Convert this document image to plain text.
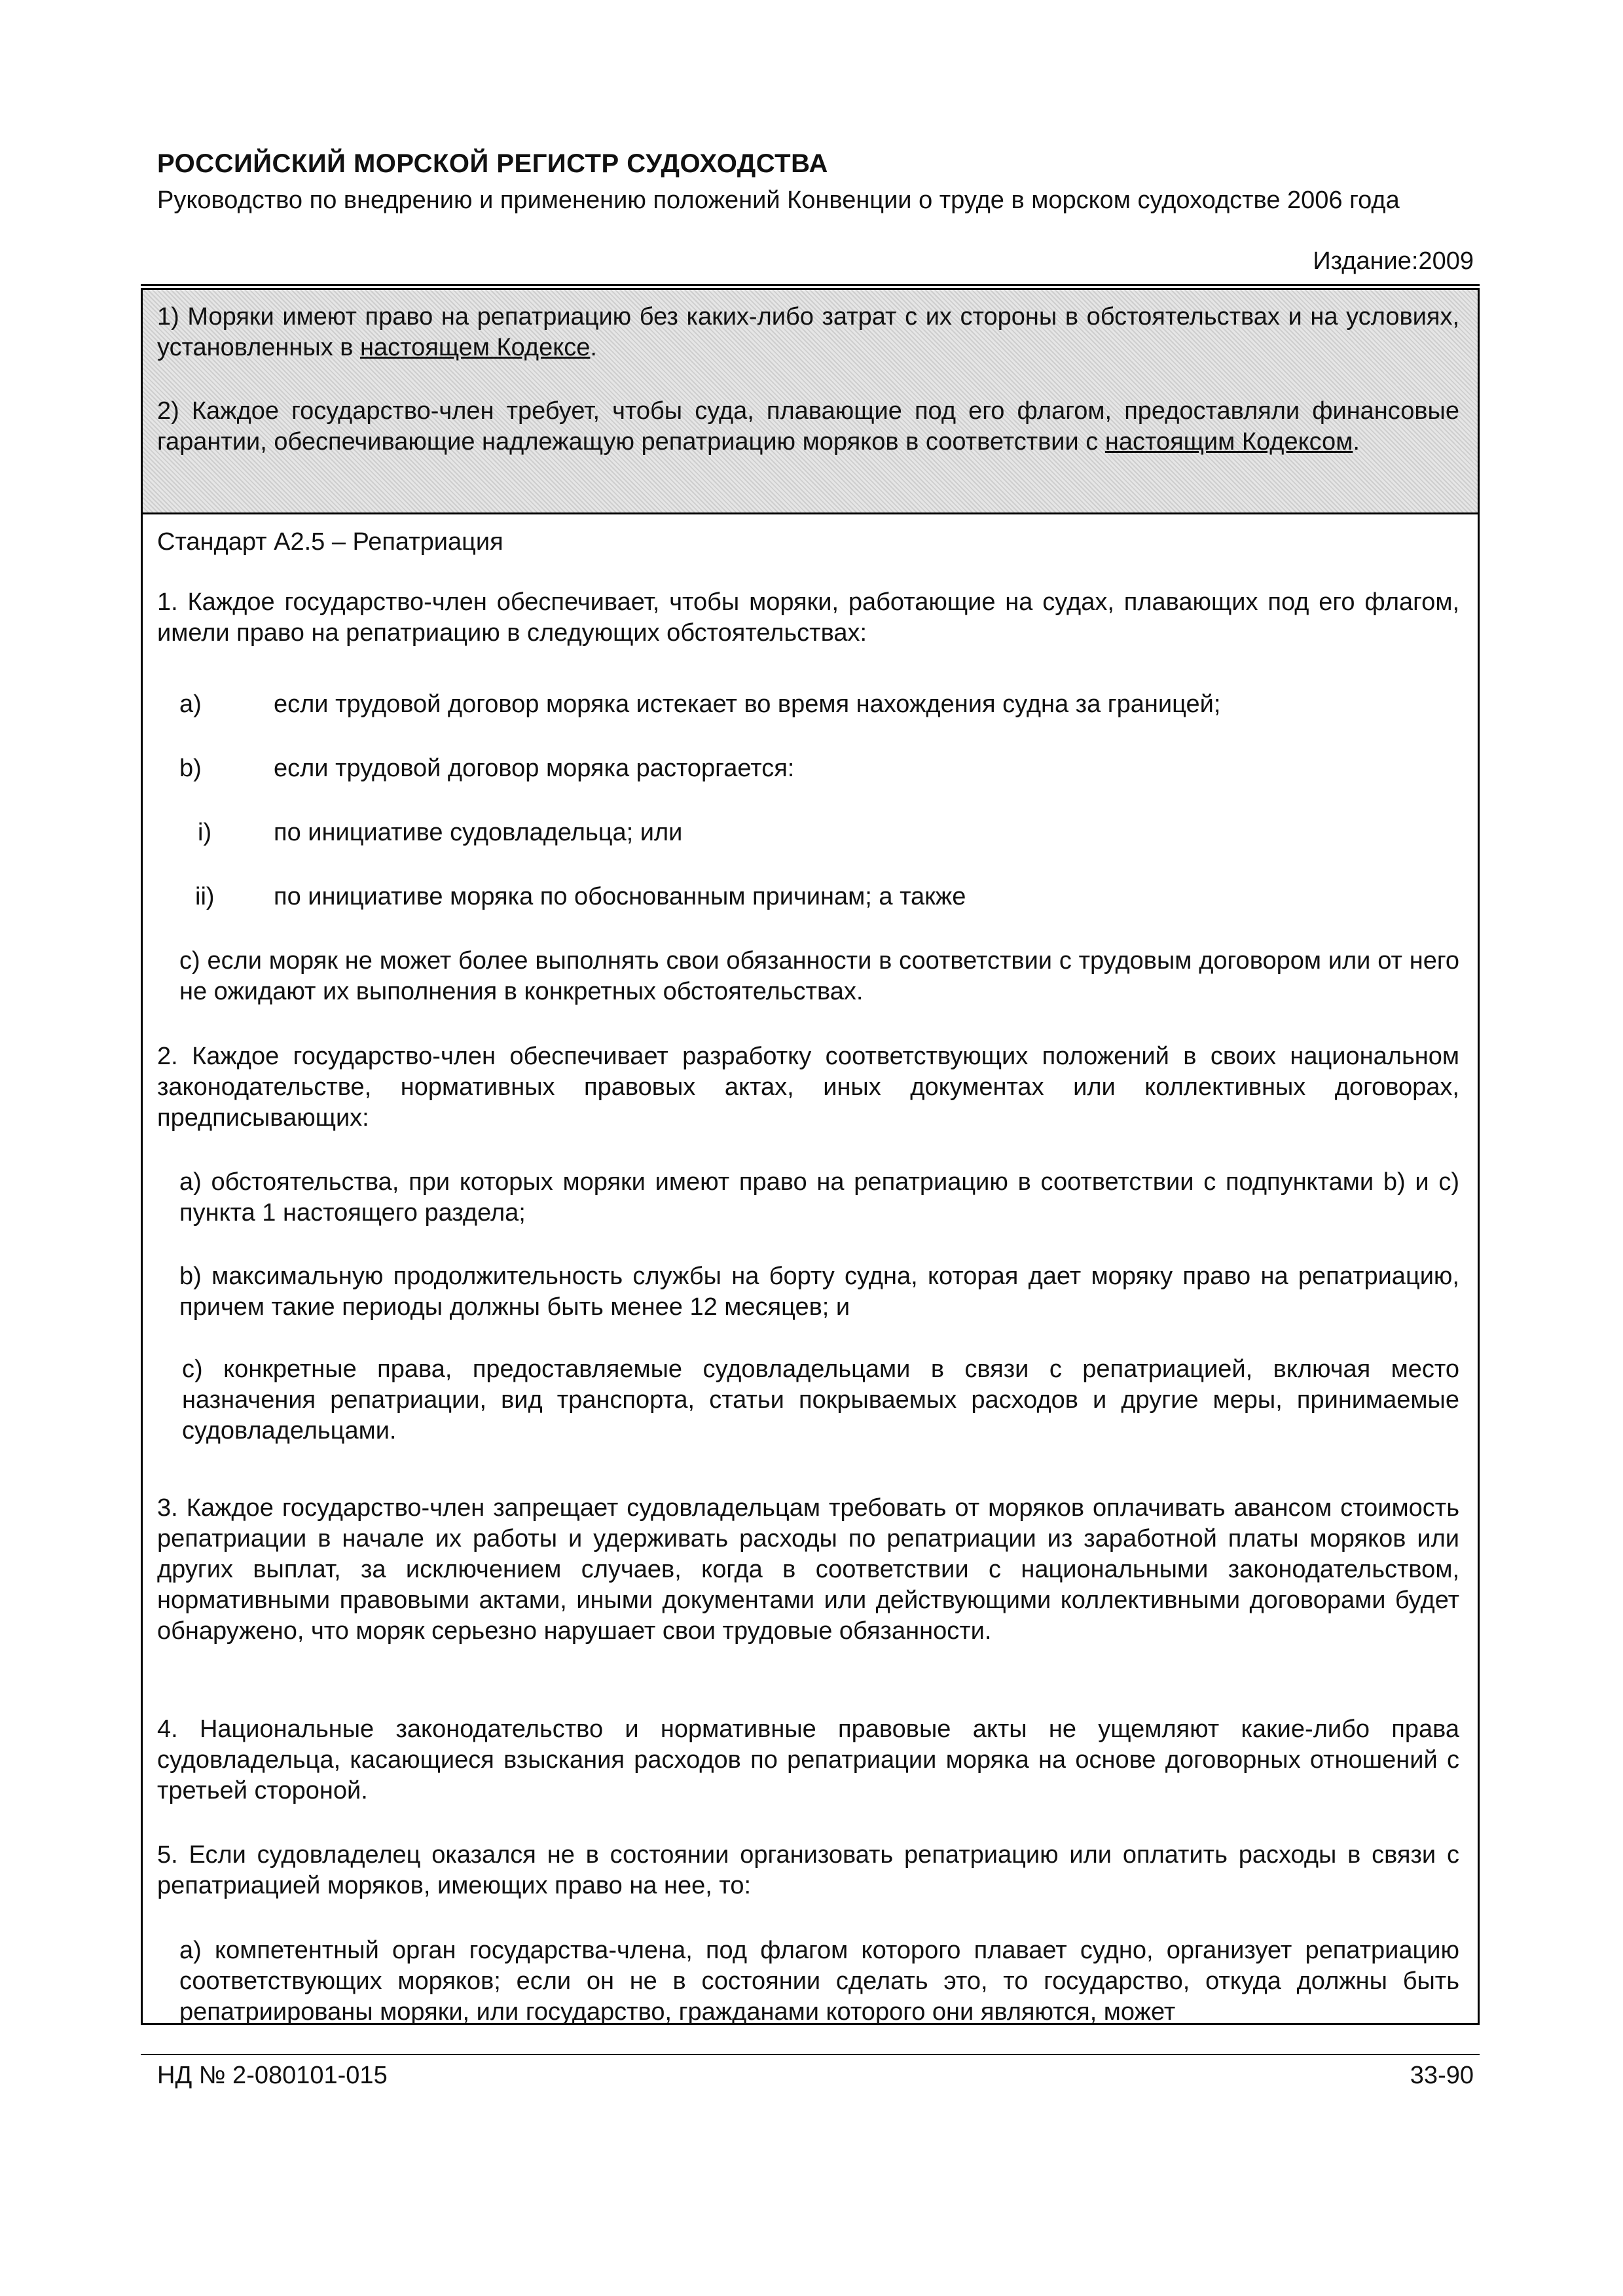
РОССИЙСКИЙ МОРСКОЙ РЕГИСТР СУДОХОДСТВА
Руководство по внедрению и применению положений Конвенции о труде в морском судоходстве 2006 года
Издание:2009
1) Моряки имеют право на репатриацию без каких-либо затрат с их стороны в обстоятельствах и на условиях, установленных в настоящем Кодексе.
2) Каждое государство-член требует, чтобы суда, плавающие под его флагом, предоставляли финансовые гарантии, обеспечивающие надлежащую репатриацию моряков в соответствии с настоящим Кодексом.
Стандарт А2.5 – Репатриация
1. Каждое государство-член обеспечивает, чтобы моряки, работающие на судах, плавающих под его флагом, имели право на репатриацию в следующих обстоятельствах:
a)	если трудовой договор моряка истекает во время нахождения судна за границей;
b)	если трудовой договор моряка расторгается:
i) по инициативе судовладельца; или
ii) по инициативе моряка по обоснованным причинам; а также
c) если моряк не может более выполнять свои обязанности в соответствии с трудовым договором или от него не ожидают их выполнения в конкретных обстоятельствах.
2. Каждое государство-член обеспечивает разработку соответствующих положений в своих национальном законодательстве, нормативных правовых актах, иных документах или коллективных договорах, предписывающих:
a) обстоятельства, при которых моряки имеют право на репатриацию в соответствии с подпунктами b) и c) пункта 1 настоящего раздела;
b) максимальную продолжительность службы на борту судна, которая дает моряку право на репатриацию, причем такие периоды должны быть менее 12 месяцев; и
c) конкретные права, предоставляемые судовладельцами в связи с репатриацией, включая место назначения репатриации, вид транспорта, статьи покрываемых расходов и другие меры, принимаемые судовладельцами.
3. Каждое государство-член запрещает судовладельцам требовать от моряков оплачивать авансом стоимость репатриации в начале их работы и удерживать расходы по репатриации из заработной платы моряков или других выплат, за исключением случаев, когда в соответствии с национальными законодательством, нормативными правовыми актами, иными документами или действующими коллективными договорами будет обнаружено, что моряк серьезно нарушает свои трудовые обязанности.
4. Национальные законодательство и нормативные правовые акты не ущемляют какие-либо права судовладельца, касающиеся взыскания расходов по репатриации моряка на основе договорных отношений с третьей стороной.
5. Если судовладелец оказался не в состоянии организовать репатриацию или оплатить расходы в связи с репатриацией моряков, имеющих право на нее, то:
a) компетентный орган государства-члена, под флагом которого плавает судно, организует репатриацию соответствующих моряков; если он не в состоянии сделать это, то государство, откуда должны быть репатриированы моряки, или государство, гражданами которого они являются, может
НД № 2-080101-015	33-90
